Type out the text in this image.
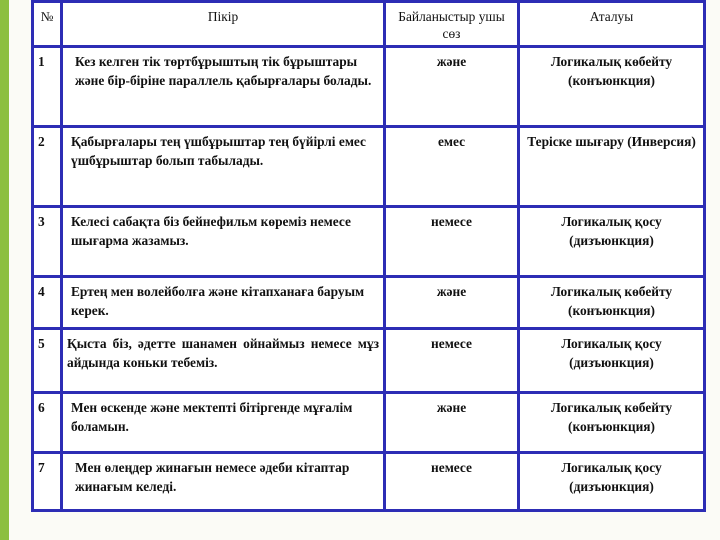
№	Пікір	Байланыстыр ушы сөз	Аталуы
1	Кез келген тік төртбұрыштың тік бұрыштары және бір-біріне параллель қабырғалары болады.	және	Логикалық көбейту (конъюнкция)
2	Қабырғалары тең үшбұрыштар тең бүйірлі емес үшбұрыштар болып табылады.	емес	Теріске шығару (Инверсия)
3	Келесі сабақта біз бейнефильм көреміз немесе шығарма жазамыз.	немесе	Логикалық қосу (дизъюнкция)
4	Ертең мен волейболға және кітапханаға баруым керек.	және	Логикалық көбейту (конъюнкция)
5	Қыста біз, әдетте шанамен ойнаймыз немесе мұз айдында коньки тебеміз.	немесе	Логикалық қосу (дизъюнкция)
6	Мен өскенде және мектепті бітіргенде мұғалім боламын.	және	Логикалық көбейту (конъюнкция)
7	Мен өлеңдер жинағын немесе әдеби кітаптар жинағым келеді.	немесе	Логикалық қосу (дизъюнкция)
